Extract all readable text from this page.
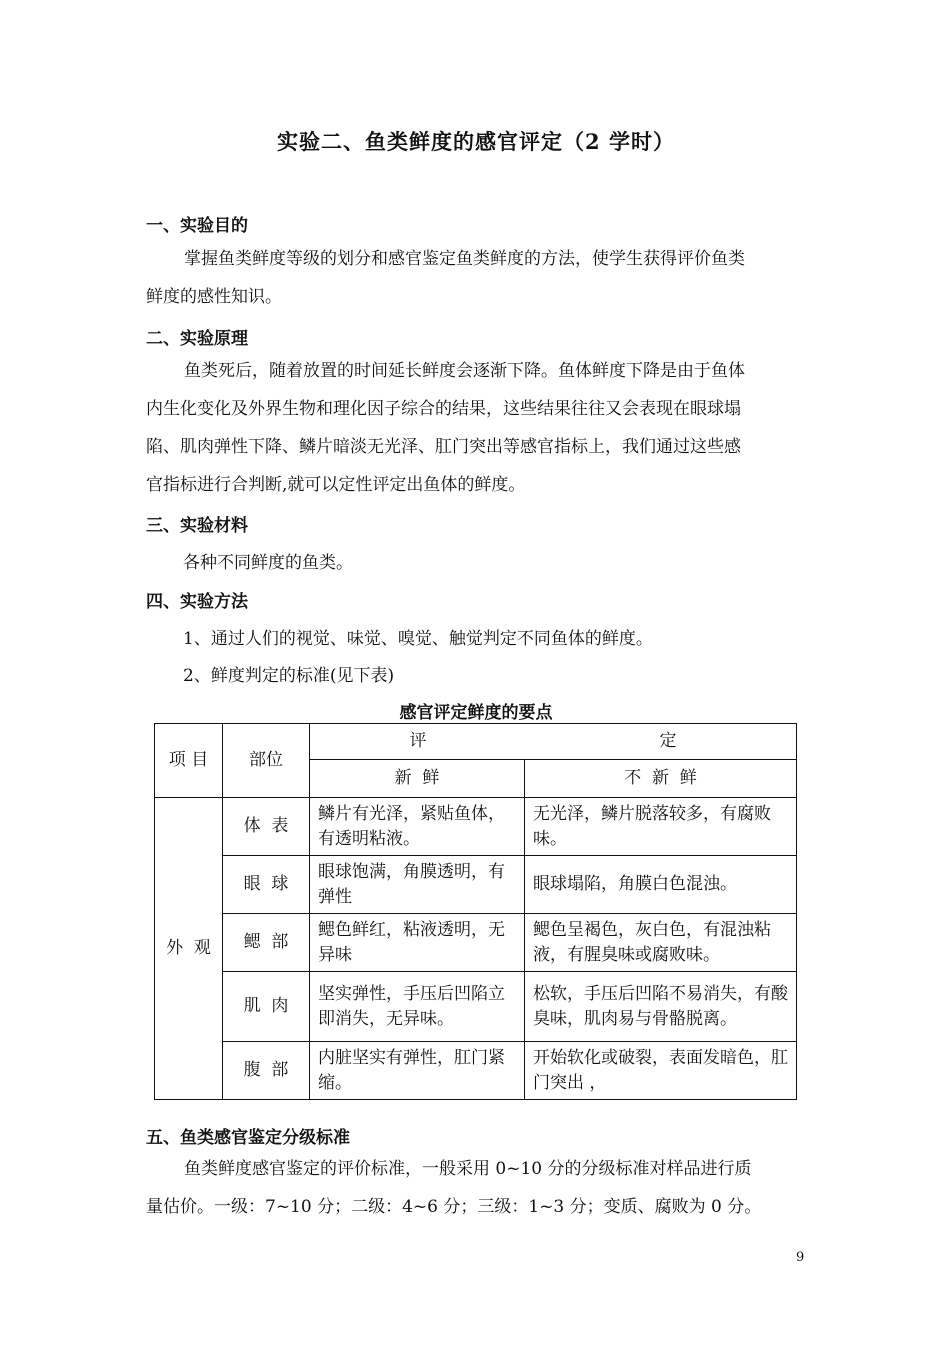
实验二、鱼类鲜度的感官评定（2 学时）
一、实验目的
掌握鱼类鲜度等级的划分和感官鉴定鱼类鲜度的方法，使学生获得评价鱼类
鲜度的感性知识。
二、实验原理
鱼类死后，随着放置的时间延长鲜度会逐渐下降。鱼体鲜度下降是由于鱼体
内生化变化及外界生物和理化因子综合的结果，这些结果往往又会表现在眼球塌
陷、肌肉弹性下降、鳞片暗淡无光泽、肛门突出等感官指标上，我们通过这些感
官指标进行合判断,就可以定性评定出鱼体的鲜度。
三、实验材料
各种不同鲜度的鱼类。
四、实验方法
1、通过人们的视觉、味觉、嗅觉、触觉判定不同鱼体的鲜度。
2、鲜度判定的标准(见下表)
感官评定鲜度的要点
项 目	部位	评 定	
		新  鲜	不  新  鲜
外  观	体  表	鳞片有光泽，紧贴鱼体，有透明粘液。	无光泽，鳞片脱落较多，有腐败味。
	眼  球	眼球饱满，角膜透明，有弹性	眼球塌陷，角膜白色混浊。
	鳃  部	鳃色鲜红，粘液透明，无异味	鳃色呈褐色，灰白色，有混浊粘液，有腥臭味或腐败味。
	肌  肉	坚实弹性，手压后凹陷立即消失，无异味。	松软，手压后凹陷不易消失，有酸臭味，肌肉易与骨骼脱离。
	腹  部	内脏坚实有弹性，肛门紧缩。	开始软化或破裂，表面发暗色，肛门突出 ，
五、鱼类感官鉴定分级标准
鱼类鲜度感官鉴定的评价标准，一般采用 0~10 分的分级标准对样品进行质
量估价。一级：7~10 分；二级：4~6 分；三级：1~3 分；变质、腐败为 0 分。
9
